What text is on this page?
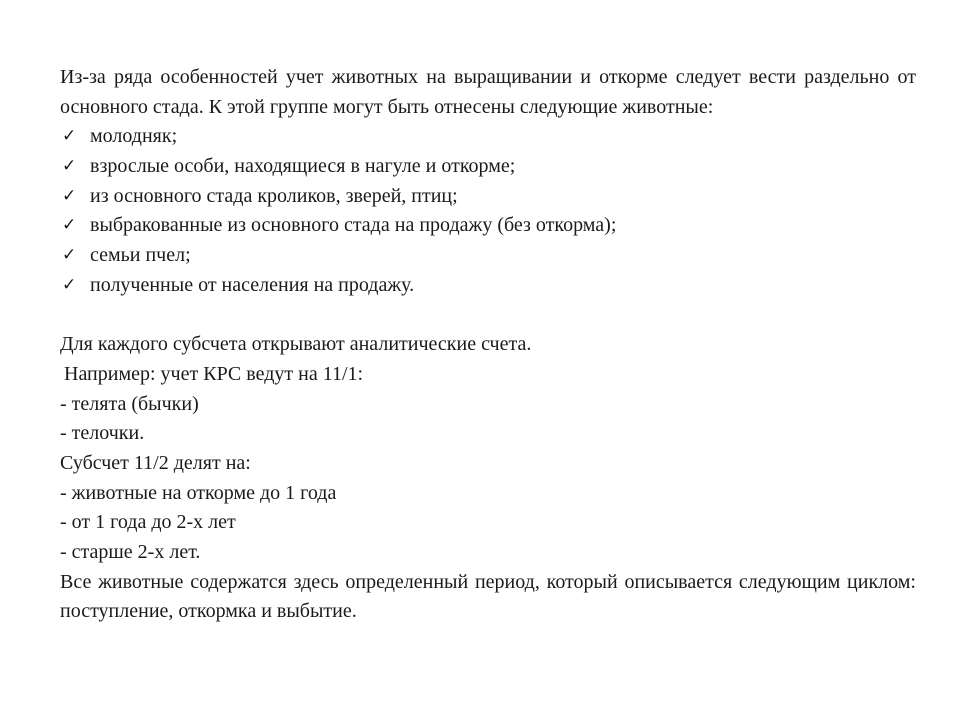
Из-за ряда особенностей учет животных на выращивании и откорме следует вести раздельно от основного стада. К этой группе могут быть отнесены следующие животные:

✓ молодняк;
✓ взрослые особи, находящиеся в нагуле и откорме;
✓ из основного стада кроликов, зверей, птиц;
✓ выбракованные из основного стада на продажу (без откорма);
✓ семьи пчел;
✓ полученные от населения на продажу.

Для каждого субсчета открывают аналитические счета.

Например: учет КРС ведут на 11/1:

- телята (бычки)

- телочки.

Субсчет 11/2 делят на:

- животные на откорме до 1 года

- от 1 года до 2-х лет

- старше 2-х лет.

Все животные содержатся здесь определенный период, который описывается следующим циклом: поступление, откормка и выбытие.
